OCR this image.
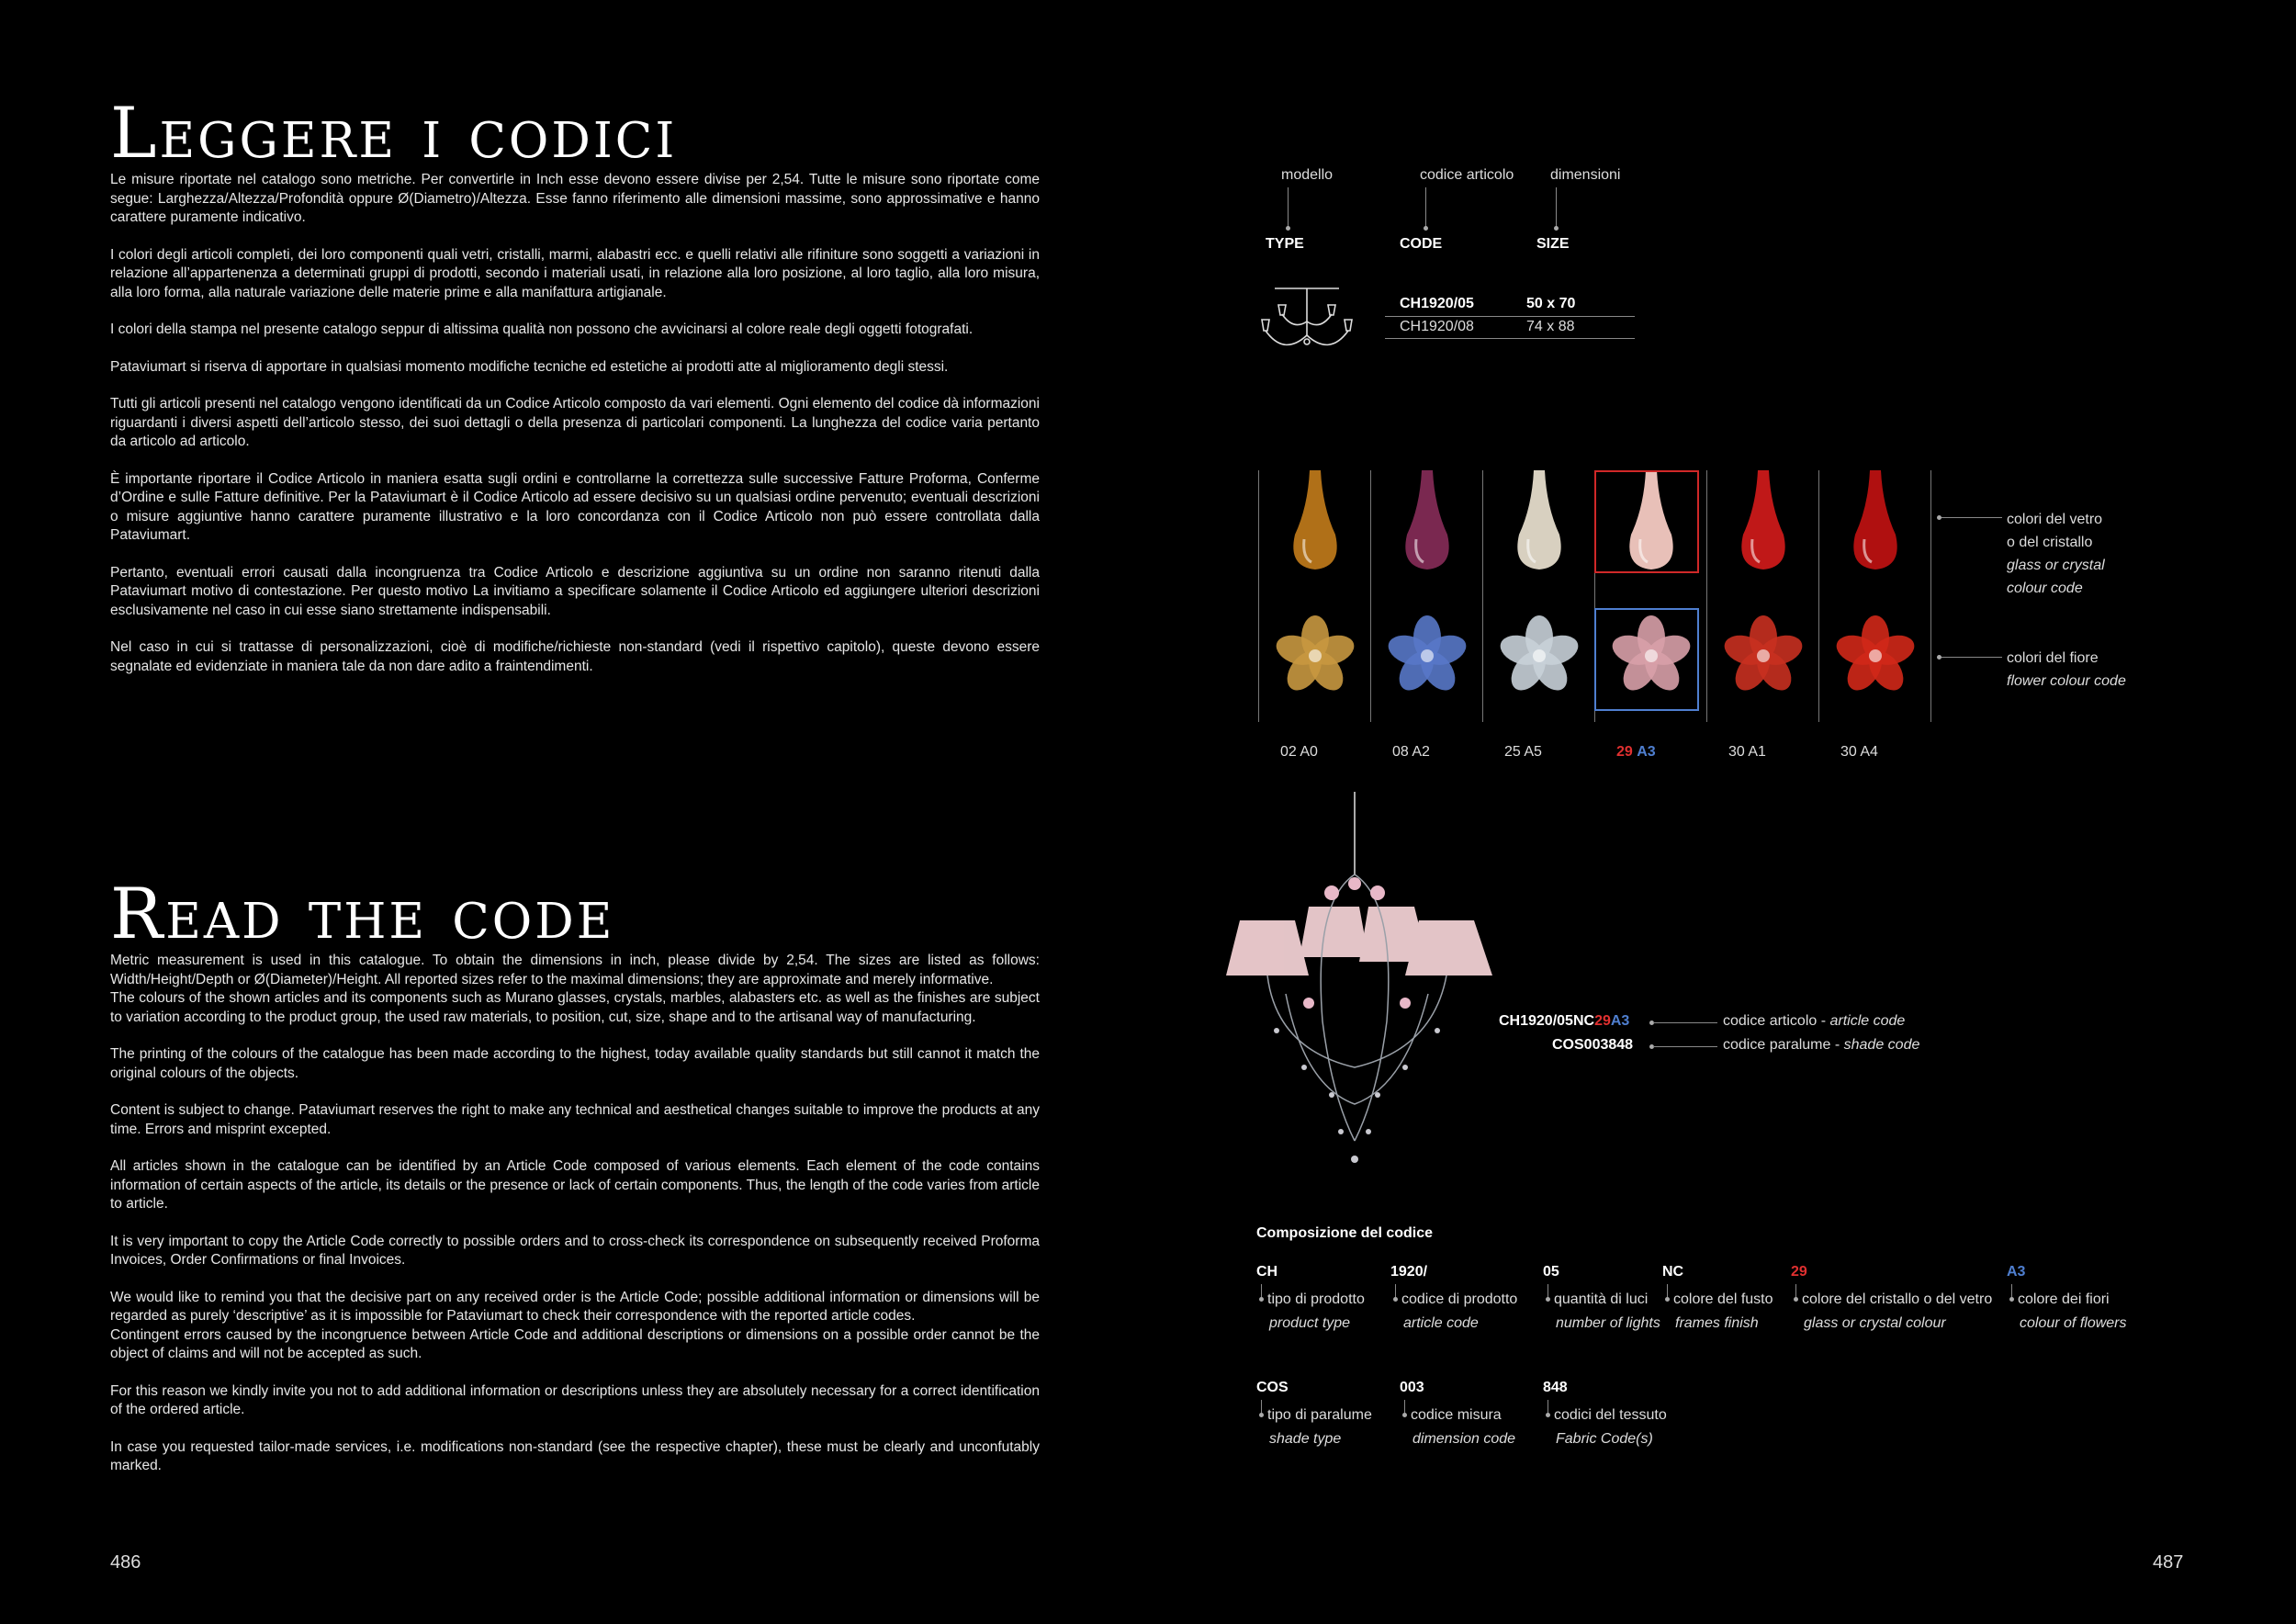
Leggere i codici

Le misure riportate nel catalogo sono metriche. Per convertirle in Inch esse devono essere divise per 2,54. Tutte le misure sono riportate come segue: Larghezza/Altezza/Profondità oppure Ø(Diametro)/Altezza. Esse fanno riferimento alle dimensioni massime, sono approssimative e hanno carattere puramente indicativo.

I colori degli articoli completi, dei loro componenti quali vetri, cristalli, marmi, alabastri ecc. e quelli relativi alle rifiniture sono soggetti a variazioni in relazione all’appartenenza a determinati gruppi di prodotti, secondo i materiali usati, in relazione alla loro posizione, al loro taglio, alla loro misura, alla loro forma, alla naturale variazione delle materie prime e alla manifattura artigianale.

I colori della stampa nel presente catalogo seppur di altissima qualità non possono che avvicinarsi al colore reale degli oggetti fotografati.

Pataviumart si riserva di apportare in qualsiasi momento modifiche tecniche ed estetiche ai prodotti atte al miglioramento degli stessi.

Tutti gli articoli presenti nel catalogo vengono identificati da un Codice Articolo composto da vari elementi. Ogni elemento del codice dà informazioni riguardanti i diversi aspetti dell’articolo stesso, dei suoi dettagli o della presenza di particolari componenti. La lunghezza del codice varia pertanto da articolo ad articolo.

È importante riportare il Codice Articolo in maniera esatta sugli ordini e controllarne la correttezza sulle successive Fatture Proforma, Conferme d’Ordine e sulle Fatture definitive. Per la Pataviumart è il Codice Articolo ad essere decisivo su un qualsiasi ordine pervenuto; eventuali descrizioni o misure aggiuntive hanno carattere puramente illustrativo e la loro concordanza con il Codice Articolo non può essere controllata dalla Pataviumart.

Pertanto, eventuali errori causati dalla incongruenza tra Codice Articolo e descrizione aggiuntiva su un ordine non saranno ritenuti dalla Pataviumart motivo di contestazione. Per questo motivo La invitiamo a specificare solamente il Codice Articolo ed aggiungere ulteriori descrizioni esclusivamente nel caso in cui esse siano strettamente indispensabili.

Nel caso in cui si trattasse di personalizzazioni, cioè di modifiche/richieste non-standard (vedi il rispettivo capitolo), queste devono essere segnalate ed evidenziate in maniera tale da non dare adito a fraintendimenti.

Read the code

Metric measurement is used in this catalogue. To obtain the dimensions in inch, please divide by 2,54. The sizes are listed as follows: Width/Height/Depth or Ø(Diameter)/Height. All reported sizes refer to the maximal dimensions; they are approximate and merely informative.

The colours of the shown articles and its components such as Murano glasses, crystals, marbles, alabasters etc. as well as the finishes are subject to variation according to the product group, the used raw materials, to position, cut, size, shape and to the artisanal way of manufacturing.

The printing of the colours of the catalogue has been made according to the highest, today available quality standards but still cannot it match the original colours of the objects.

Content is subject to change. Pataviumart reserves the right to make any technical and aesthetical changes suitable to improve the products at any time. Errors and misprint excepted.

All articles shown in the catalogue can be identified by an Article Code composed of various elements. Each element of the code contains information of certain aspects of the article, its details or the presence or lack of certain components. Thus, the length of the code varies from article to article.

It is very important to copy the Article Code correctly to possible orders and to cross-check its correspondence on subsequently received Proforma Invoices, Order Confirmations or final Invoices.

We would like to remind you that the decisive part on any received order is the Article Code; possible additional information or dimensions will be regarded as purely ‘descriptive’ as it is impossible for Pataviumart to check their correspondence with the reported article codes.

Contingent errors caused by the incongruence between Article Code and additional descriptions or dimensions on a possible order cannot be the object of claims and will not be accepted as such.

For this reason we kindly invite you not to add additional information or descriptions unless they are absolutely necessary for a correct identification of the ordered article.

In case you requested tailor-made services, i.e. modifications non-standard (see the respective chapter), these must be clearly and unconfutably marked.

486
modello	codice articolo dimensioni
TYPE	CODE	SIZE
CH1920/05	50 x 70
CH1920/08	74 x 88
02 A0	08 A2	25 A5	29 A3	30 A1	30 A4
colori del vetro
o del cristallo
glass or crystal
colour code
colori del fiore
flower colour code
CH1920/05NC29A3	codice articolo - article code
COS003848	codice paralume - shade code
Composizione del codice
CH
tipo di prodotto
product type
1920/
codice di prodotto
article code
05
quantità di luci
number of lights
NC
colore del fusto
frames finish
29
colore del cristallo o del vetro
glass or crystal colour
A3
colore dei fiori
colour of flowers
COS
tipo di paralume
shade type
003
codice misura
dimension code
848
codici del tessuto
Fabric Code(s)
487
